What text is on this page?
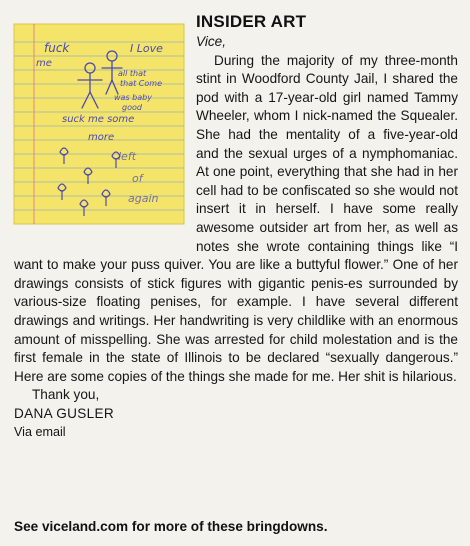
fuck
me
I Love
all that
that Come
was baby
good
suck me some
more
left
of
again
INSIDER ART
Vice,

During the majority of my three-month stint in Woodford County Jail, I shared the pod with a 17-year-old girl named Tammy Wheeler, whom I nick-named the Squealer. She had the mentality of a five-year-old and the sexual urges of a nymphomaniac. At one point, everything that she had in her cell had to be confiscated so she would not insert it in herself. I have some really awesome outsider art from her, as well as notes she wrote containing things like “I want to make your puss quiver. You are like a buttyful flower.” One of her drawings consists of stick figures with gigantic penis-es surrounded by various-size floating penises, for example. I have several different drawings and writings. Her handwriting is very childlike with an enormous amount of misspelling. She was arrested for child molestation and is the first female in the state of Illinois to be declared “sexually dangerous.” Here are some copies of the things she made for me. Her shit is hilarious.

Thank you,

DANA GUSLER

Via email

See viceland.com for more of these bringdowns.
